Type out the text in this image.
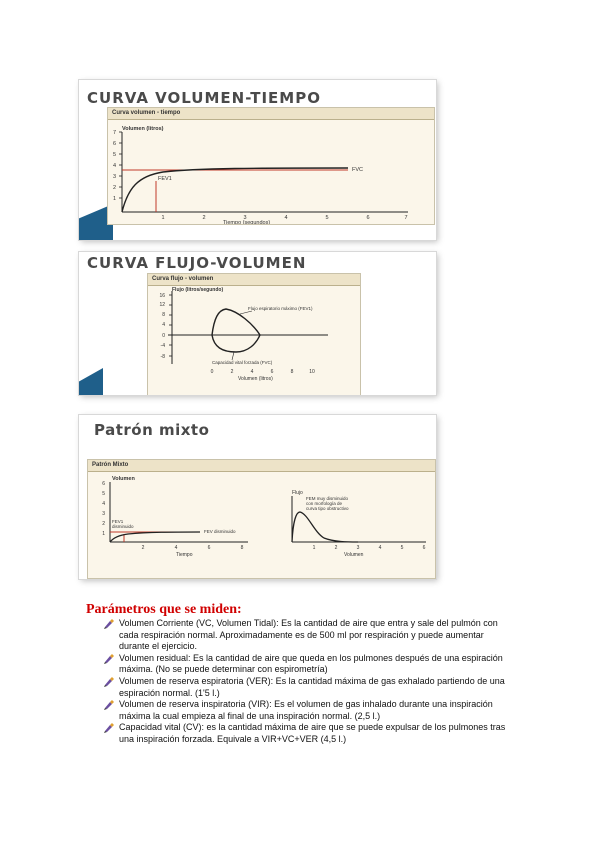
CURVA VOLUMEN-TIEMPO
Curva volumen - tiempo
Volumen (litros)
7
6
5
4
3
2
1
1	2	3	4	5	6	7
Tiempo (segundos)
FVC
FEV1
CURVA FLUJO-VOLUMEN
Curva flujo - volumen
Flujo (litros/segundo)
16
12
8
4
0
-4
-8
0	2	4	6	8	10
Volumen (litros)
Flujo espiratorio máximo (FEV1)
Capacidad vital forzada (FVC)
Patrón mixto
Patrón Mixto
Volumen
6
5
4
3
2
1
2	4	6	8
Tiempo
FEV1
disminuido
FEV disminuido
Flujo
1	2	3	4	5	6
Volumen
FEM muy disminuido
con morfología de
curva tipo obstructivo
Parámetros que se miden:
Volumen Corriente (VC, Volumen Tidal): Es la cantidad de aire que entra y sale del pulmón con cada respiración normal. Aproximadamente es de 500 ml por respiración y puede aumentar durante el ejercicio.
Volumen residual: Es la cantidad de aire que queda en los pulmones después de una espiración máxima. (No se puede determinar con espirometría)
Volumen de reserva espiratoria (VER): Es la cantidad máxima de gas exhalado partiendo de una espiración normal. (1'5 l.)
Volumen de reserva inspiratoria (VIR): Es el volumen de gas inhalado durante una inspiración máxima la cual empieza al final de una inspiración normal. (2,5 l.)
Capacidad vital (CV): es la cantidad máxima de aire que se puede expulsar de los pulmones tras una inspiración forzada. Equivale a VIR+VC+VER (4,5 l.)
